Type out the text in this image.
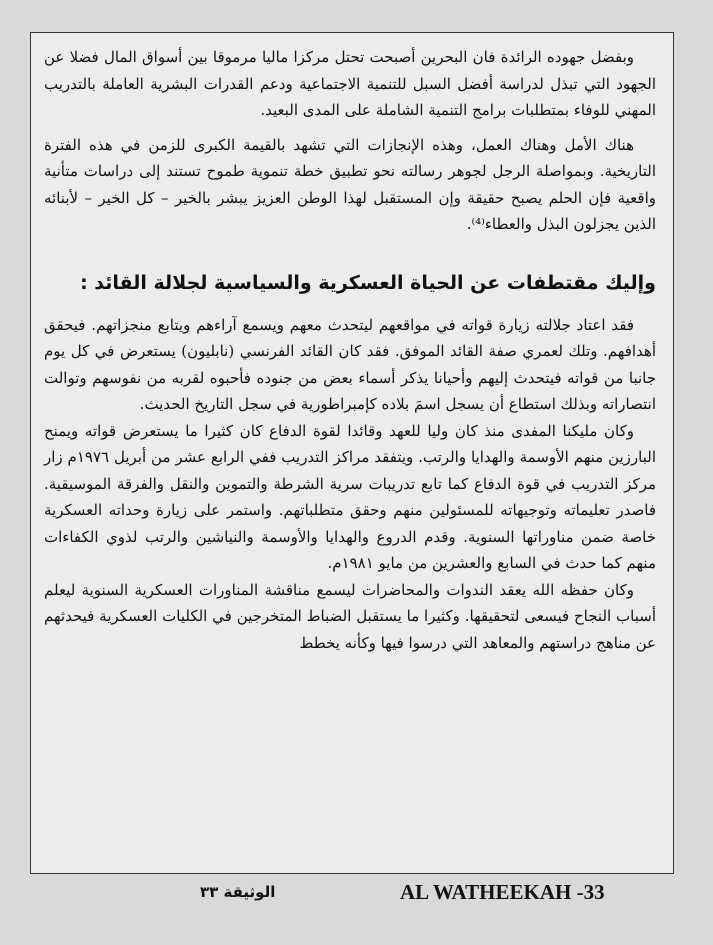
وبفضل جهوده الرائدة فان البحرين أصبحت تحتل مركزا ماليا مرموقا بين أسواق المال فضلا عن الجهود التي تبذل لدراسة أفضل السبل للتنمية الاجتماعية ودعم القدرات البشرية العاملة بالتدريب المهني للوفاء بمتطلبات برامج التنمية الشاملة على المدى البعيد.

هناك الأمل وهناك العمل، وهذه الإنجازات التي تشهد بالقيمة الكبرى للزمن في هذه الفترة التاريخية. وبمواصلة الرجل لجوهر رسالته نحو تطبيق خطة تنموية طموح تستند إلى دراسات متأنية واقعية فإن الحلم يصبح حقيقة وإن المستقبل لهذا الوطن العزيز يبشر بالخير – كل الخير – لأبنائه الذين يجزلون البذل والعطاء⁽⁴⁾.

وإليك مقتطفات عن الحياة العسكرية والسياسية لجلالة القائد :

فقد اعتاد جلالته زيارة قواته في مواقعهم ليتحدث معهم ويسمع آراءهم ويتابع منجزاتهم. فيحقق أهدافهم. وتلك لعمري صفة القائد الموفق. فقد كان القائد الفرنسي (نابليون) يستعرض في كل يوم جانبا من قواته فيتحدث إليهم وأحيانا يذكر أسماء بعض من جنوده فأحبوه لقربه من نفوسهم وتوالت انتصاراته وبذلك استطاع أن يسجل اسمَ بلاده كإمبراطورية في سجل التاريخ الحديث.

وكان مليكنا المفدى منذ كان وليا للعهد وقائدا لقوة الدفاع كان كثيرا ما يستعرض قواته ويمنح البارزين منهم الأوسمة والهدايا والرتب. ويتفقد مراكز التدريب ففي الرابع عشر من أبريل ١٩٧٦م زار مركز التدريب في قوة الدفاع كما تابع تدريبات سرية الشرطة والتموين والنقل والفرقة الموسيقية. فاصدر تعليماته وتوجيهاته للمسئولين منهم وحقق متطلباتهم. واستمر على زيارة وحداته العسكرية خاصة ضمن مناوراتها السنوية. وقدم الدروع والهدايا والأوسمة والنياشين والرتب لذوي الكفاءات منهم كما حدث في السابع والعشرين من مايو ١٩٨١م.

وكان حفظه الله يعقد الندوات والمحاضرات ليسمع مناقشة المناورات العسكرية السنوية ليعلم أسباب النجاح فيسعى لتحقيقها. وكثيرا ما يستقبل الضباط المتخرجين في الكليات العسكرية فيحدثهم عن مناهج دراستهم والمعاهد التي درسوا فيها وكأنه يخطط

الوثيقة ٣٣	AL WATHEEKAH -33
